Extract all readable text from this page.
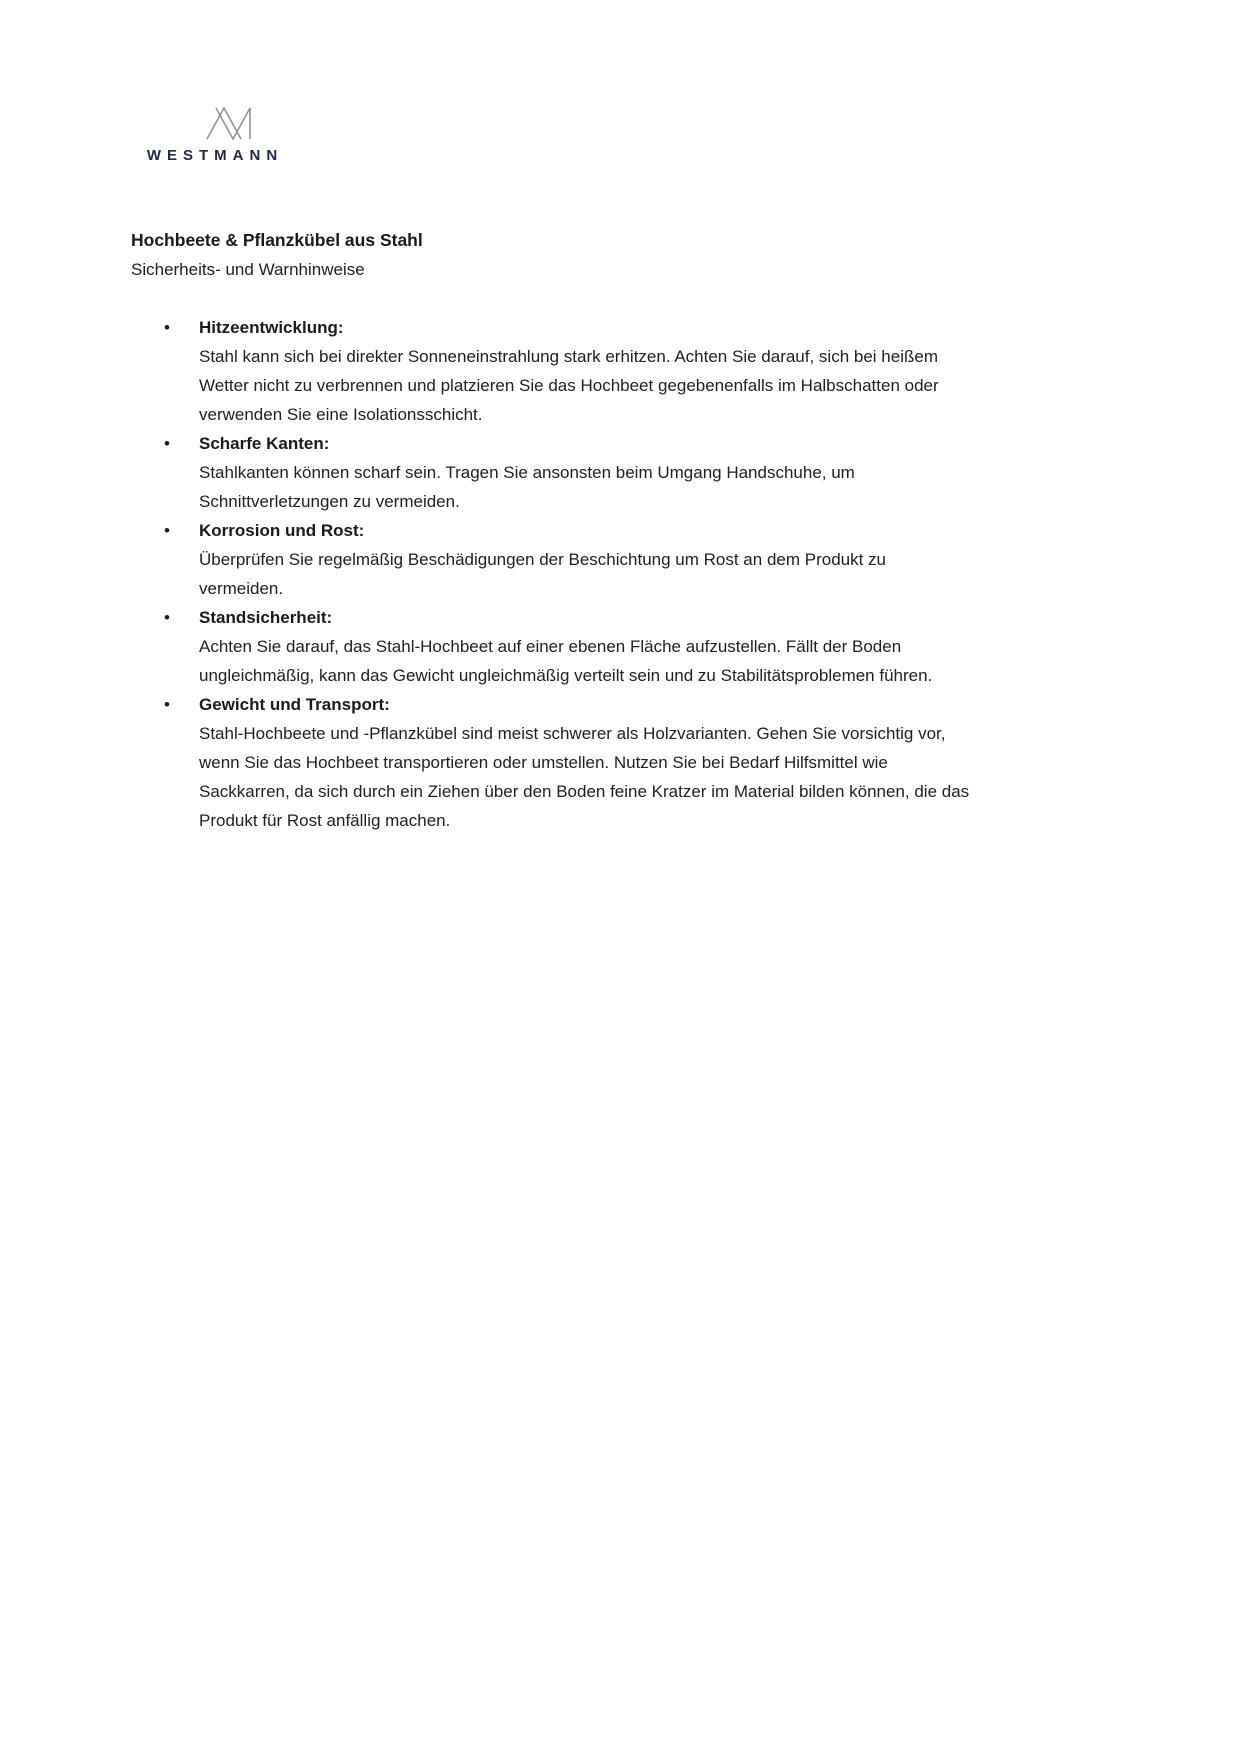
WESTMANN

Hochbeete & Pflanzkübel aus Stahl

Sicherheits- und Warnhinweise

• Hitzeentwicklung:
Stahl kann sich bei direkter Sonneneinstrahlung stark erhitzen. Achten Sie darauf, sich bei heißem Wetter nicht zu verbrennen und platzieren Sie das Hochbeet gegebenenfalls im Halbschatten oder verwenden Sie eine Isolationsschicht.
• Scharfe Kanten:
Stahlkanten können scharf sein. Tragen Sie ansonsten beim Umgang Handschuhe, um Schnittverletzungen zu vermeiden.
• Korrosion und Rost:
Überprüfen Sie regelmäßig Beschädigungen der Beschichtung um Rost an dem Produkt zu vermeiden.
• Standsicherheit:
Achten Sie darauf, das Stahl-Hochbeet auf einer ebenen Fläche aufzustellen. Fällt der Boden ungleichmäßig, kann das Gewicht ungleichmäßig verteilt sein und zu Stabilitätsproblemen führen.
• Gewicht und Transport:
Stahl-Hochbeete und -Pflanzkübel sind meist schwerer als Holzvarianten. Gehen Sie vorsichtig vor, wenn Sie das Hochbeet transportieren oder umstellen. Nutzen Sie bei Bedarf Hilfsmittel wie Sackkarren, da sich durch ein Ziehen über den Boden feine Kratzer im Material bilden können, die das Produkt für Rost anfällig machen.
